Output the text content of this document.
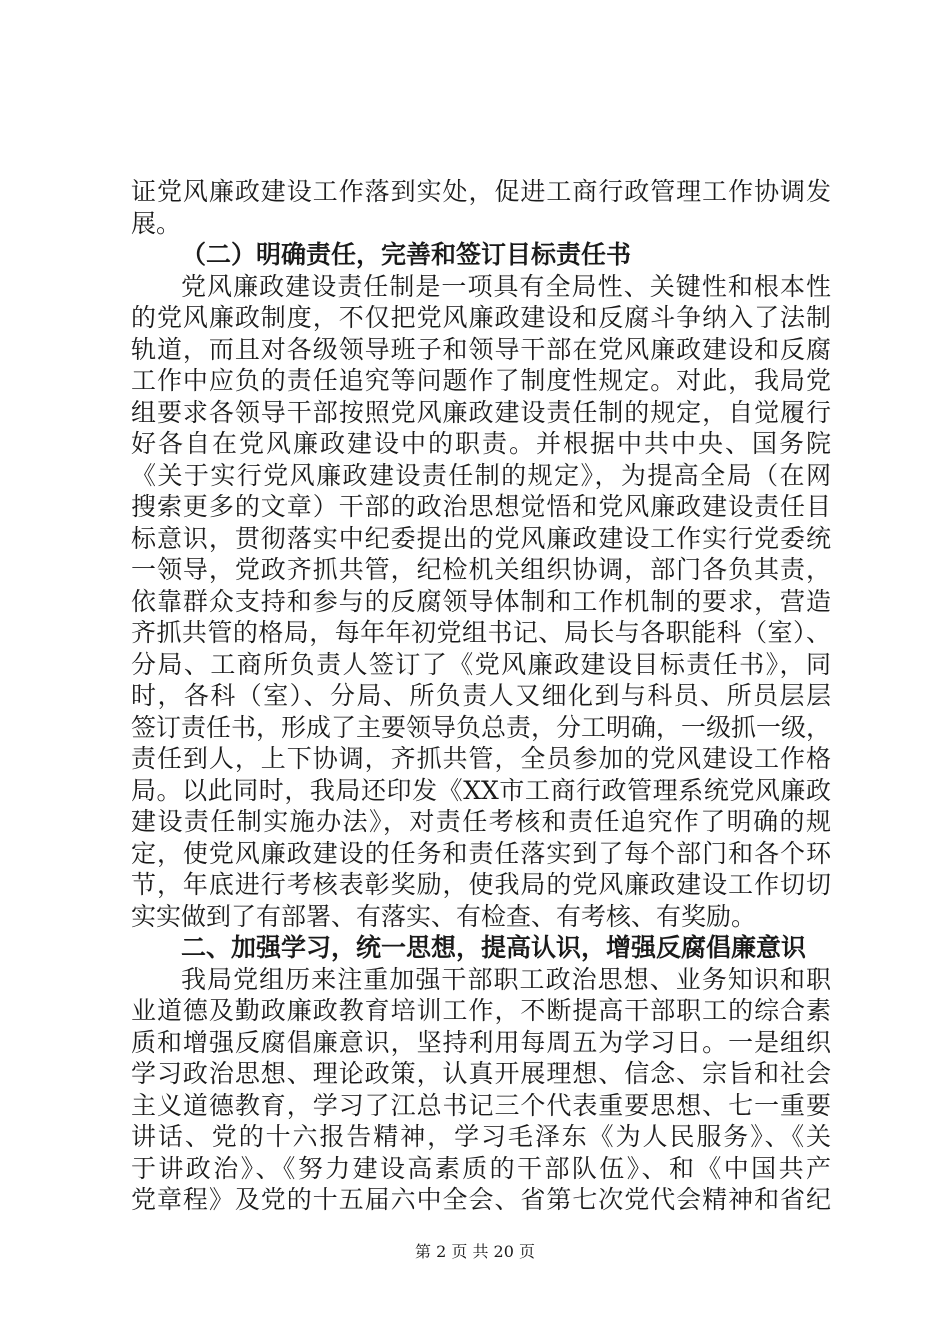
证党风廉政建设工作落到实处，促进工商行政管理工作协调发
展。
（二）明确责任，完善和签订目标责任书
党风廉政建设责任制是一项具有全局性、关键性和根本性
的党风廉政制度，不仅把党风廉政建设和反腐斗争纳入了法制
轨道，而且对各级领导班子和领导干部在党风廉政建设和反腐
工作中应负的责任追究等问题作了制度性规定。对此，我局党
组要求各领导干部按照党风廉政建设责任制的规定，自觉履行
好各自在党风廉政建设中的职责。并根据中共中央、国务院
《关于实行党风廉政建设责任制的规定》，为提高全局（在网
搜索更多的文章）干部的政治思想觉悟和党风廉政建设责任目
标意识，贯彻落实中纪委提出的党风廉政建设工作实行党委统
一领导，党政齐抓共管，纪检机关组织协调，部门各负其责，
依靠群众支持和参与的反腐领导体制和工作机制的要求，营造
齐抓共管的格局，每年年初党组书记、局长与各职能科（室）、
分局、工商所负责人签订了《党风廉政建设目标责任书》，同
时，各科（室）、分局、所负责人又细化到与科员、所员层层
签订责任书，形成了主要领导负总责，分工明确，一级抓一级，
责任到人，上下协调，齐抓共管，全员参加的党风建设工作格
局。以此同时，我局还印发《XX市工商行政管理系统党风廉政
建设责任制实施办法》，对责任考核和责任追究作了明确的规
定，使党风廉政建设的任务和责任落实到了每个部门和各个环
节，年底进行考核表彰奖励，使我局的党风廉政建设工作切切
实实做到了有部署、有落实、有检查、有考核、有奖励。
二、加强学习，统一思想，提高认识，增强反腐倡廉意识
我局党组历来注重加强干部职工政治思想、业务知识和职
业道德及勤政廉政教育培训工作，不断提高干部职工的综合素
质和增强反腐倡廉意识，坚持利用每周五为学习日。一是组织
学习政治思想、理论政策，认真开展理想、信念、宗旨和社会
主义道德教育，学习了江总书记三个代表重要思想、七一重要
讲话、党的十六报告精神，学习毛泽东《为人民服务》、《关
于讲政治》、《努力建设高素质的干部队伍》、和《中国共产
党章程》及党的十五届六中全会、省第七次党代会精神和省纪
第 2 页 共 20 页
